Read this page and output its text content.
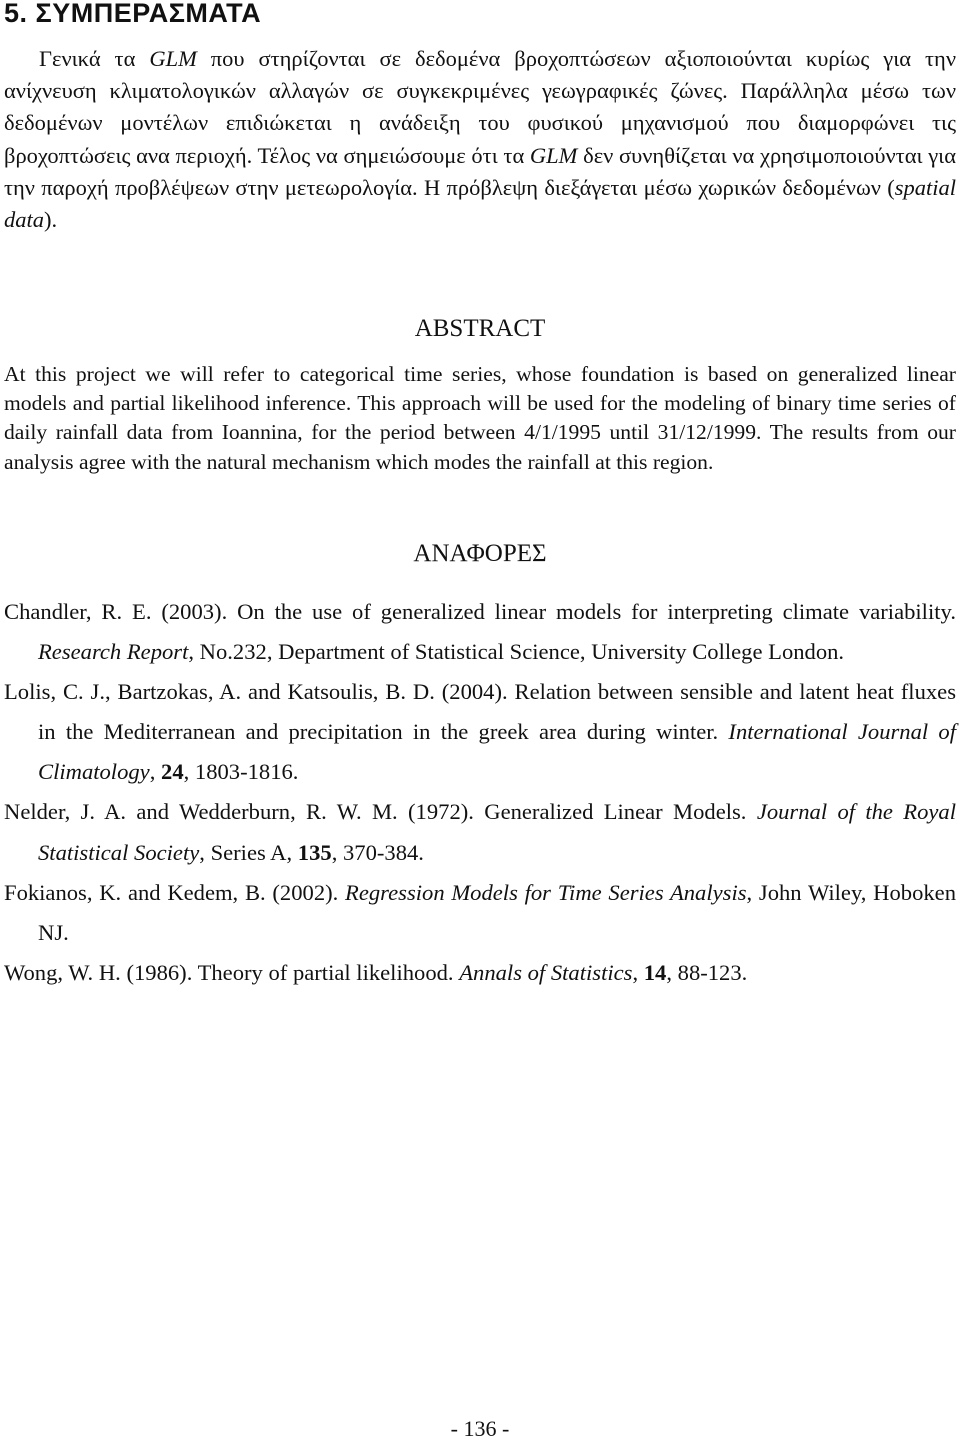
5. ΣΥΜΠΕΡΑΣΜΑΤΑ

Γενικά τα GLM που στηρίζονται σε δεδομένα βροχοπτώσεων αξιοποιούνται κυρίως για την ανίχνευση κλιματολογικών αλλαγών σε συγκεκριμένες γεωγραφικές ζώνες. Παράλληλα μέσω των δεδομένων μοντέλων επιδιώκεται η ανάδειξη του φυσικού μηχανισμού που διαμορφώνει τις βροχοπτώσεις ανα περιοχή. Τέλος να σημειώσουμε ότι τα GLM δεν συνηθίζεται να χρησιμοποιούνται για την παροχή προβλέψεων στην μετεωρολογία. Η πρόβλεψη διεξάγεται μέσω χωρικών δεδομένων (spatial data).

ABSTRACT

At this project we will refer to categorical time series, whose foundation is based on generalized linear models and partial likelihood inference. This approach will be used for the modeling of binary time series of daily rainfall data from Ioannina, for the period between 4/1/1995 until 31/12/1999. The results from our analysis agree with the natural mechanism which modes the rainfall at this region.

ΑΝΑΦΟΡΕΣ

Chandler, R. E. (2003). On the use of generalized linear models for interpreting climate variability. Research Report, No.232, Department of Statistical Science, University College London.

Lolis, C. J., Bartzokas, A. and Katsoulis, B. D. (2004). Relation between sensible and latent heat fluxes in the Mediterranean and precipitation in the greek area during winter. International Journal of Climatology, 24, 1803-1816.

Nelder, J. A. and Wedderburn, R. W. M. (1972). Generalized Linear Models. Journal of the Royal Statistical Society, Series A, 135, 370-384.

Fokianos, K. and Kedem, B. (2002). Regression Models for Time Series Analysis, John Wiley, Hoboken NJ.

Wong, W. H. (1986). Theory of partial likelihood. Annals of Statistics, 14, 88-123.

- 136 -
